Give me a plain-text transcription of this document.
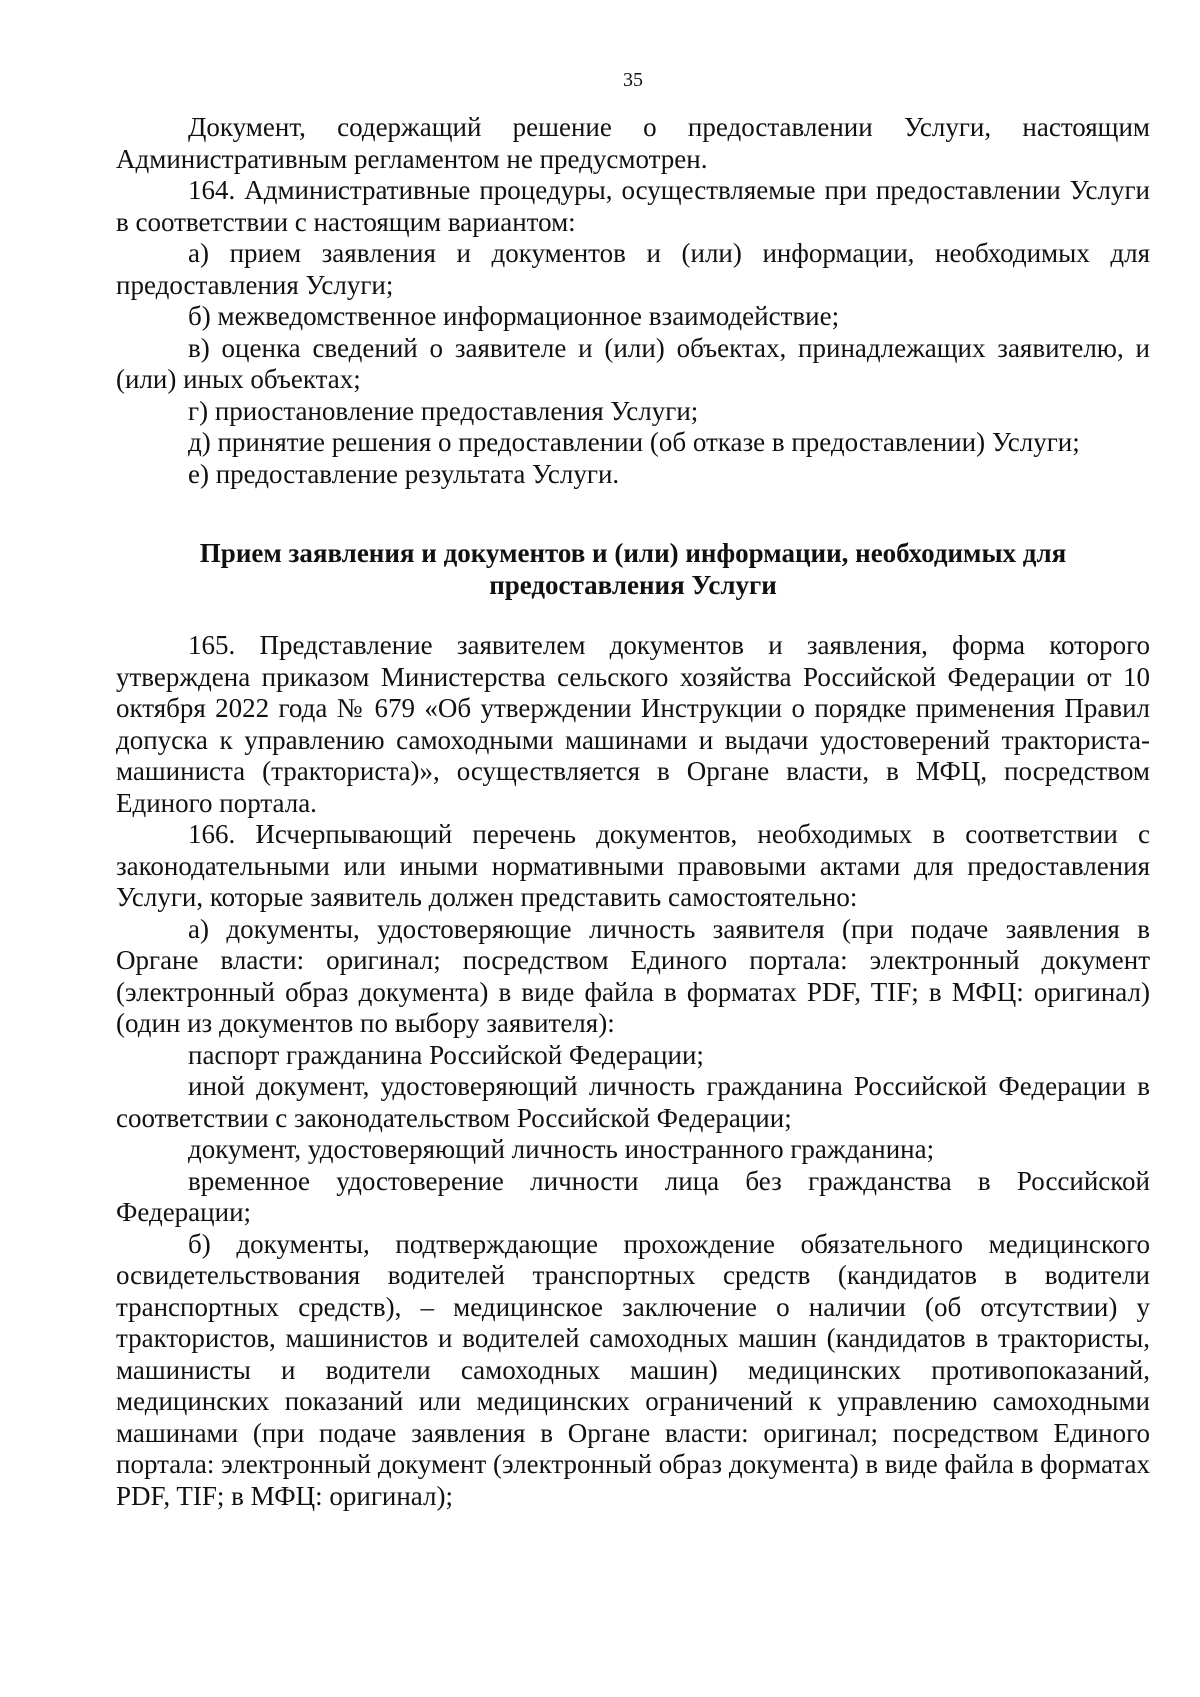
35

Документ, содержащий решение о предоставлении Услуги, настоящим Административным регламентом не предусмотрен.

164. Административные процедуры, осуществляемые при предоставлении Услуги в соответствии с настоящим вариантом:

а) прием заявления и документов и (или) информации, необходимых для предоставления Услуги;

б) межведомственное информационное взаимодействие;

в) оценка сведений о заявителе и (или) объектах, принадлежащих заявителю, и (или) иных объектах;

г) приостановление предоставления Услуги;

д) принятие решения о предоставлении (об отказе в предоставлении) Услуги;

е) предоставление результата Услуги.

Прием заявления и документов и (или) информации, необходимых для предоставления Услуги

165. Представление заявителем документов и заявления, форма которого утверждена приказом Министерства сельского хозяйства Российской Федерации от 10 октября 2022 года № 679 «Об утверждении Инструкции о порядке применения Правил допуска к управлению самоходными машинами и выдачи удостоверений тракториста-машиниста (тракториста)», осуществляется в Органе власти, в МФЦ, посредством Единого портала.

166. Исчерпывающий перечень документов, необходимых в соответствии с законодательными или иными нормативными правовыми актами для предоставления Услуги, которые заявитель должен представить самостоятельно:

а) документы, удостоверяющие личность заявителя (при подаче заявления в Органе власти: оригинал; посредством Единого портала: электронный документ (электронный образ документа) в виде файла в форматах PDF, TIF; в МФЦ: оригинал) (один из документов по выбору заявителя):

паспорт гражданина Российской Федерации;

иной документ, удостоверяющий личность гражданина Российской Федерации в соответствии с законодательством Российской Федерации;

документ, удостоверяющий личность иностранного гражданина;

временное удостоверение личности лица без гражданства в Российской Федерации;

б) документы, подтверждающие прохождение обязательного медицинского освидетельствования водителей транспортных средств (кандидатов в водители транспортных средств), – медицинское заключение о наличии (об отсутствии) у трактористов, машинистов и водителей самоходных машин (кандидатов в трактористы, машинисты и водители самоходных машин) медицинских противопоказаний, медицинских показаний или медицинских ограничений к управлению самоходными машинами (при подаче заявления в Органе власти: оригинал; посредством Единого портала: электронный документ (электронный образ документа) в виде файла в форматах PDF, TIF; в МФЦ: оригинал);
